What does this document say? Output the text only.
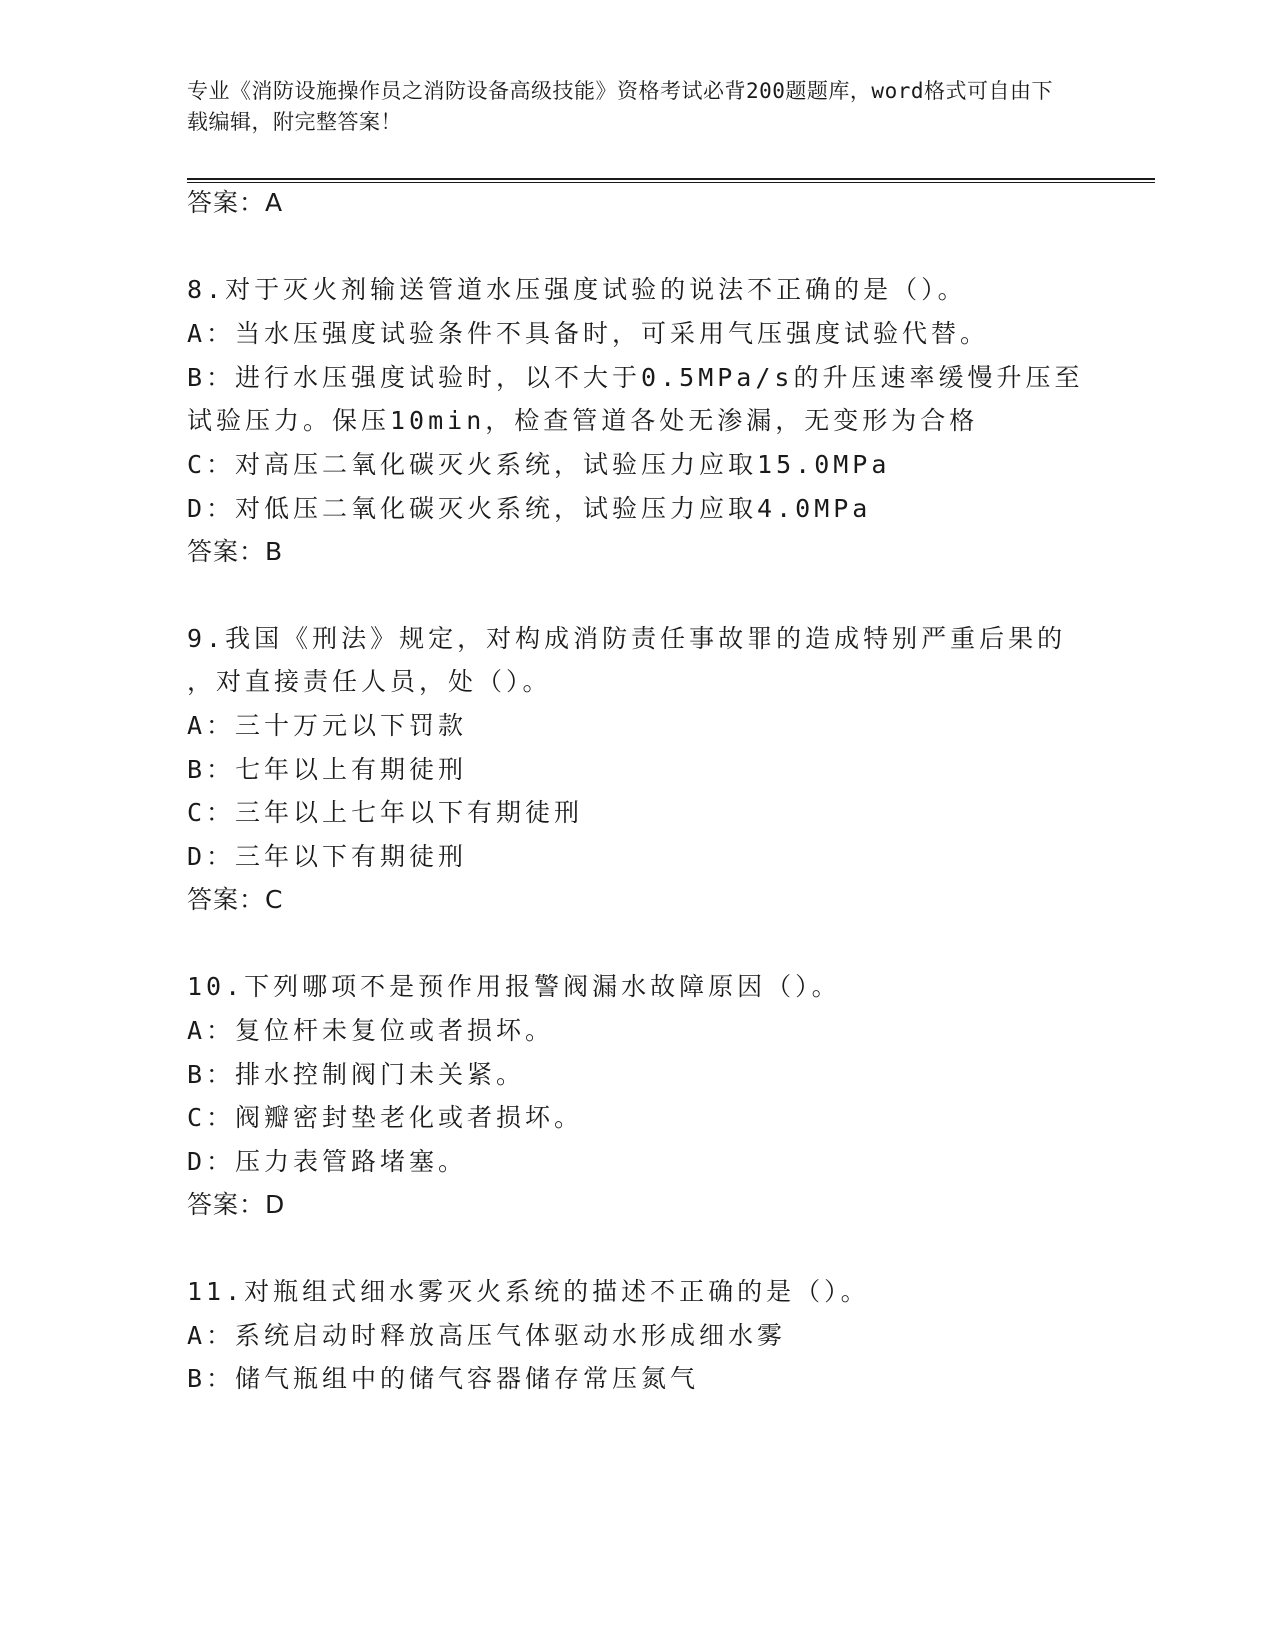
专业《消防设施操作员之消防设备高级技能》资格考试必背200题题库，word格式可自由下载编辑，附完整答案！
答案：A
8.对于灭火剂输送管道水压强度试验的说法不正确的是（）。
A：当水压强度试验条件不具备时，可采用气压强度试验代替。
B：进行水压强度试验时，以不大于0.5MPa/s的升压速率缓慢升压至
试验压力。保压10min，检查管道各处无渗漏，无变形为合格
C：对高压二氧化碳灭火系统，试验压力应取15.0MPa
D：对低压二氧化碳灭火系统，试验压力应取4.0MPa
答案：B
9.我国《刑法》规定，对构成消防责任事故罪的造成特别严重后果的
，对直接责任人员，处（）。
A：三十万元以下罚款
B：七年以上有期徒刑
C：三年以上七年以下有期徒刑
D：三年以下有期徒刑
答案：C
10.下列哪项不是预作用报警阀漏水故障原因（）。
A：复位杆未复位或者损坏。
B：排水控制阀门未关紧。
C：阀瓣密封垫老化或者损坏。
D：压力表管路堵塞。
答案：D
11.对瓶组式细水雾灭火系统的描述不正确的是（）。
A：系统启动时释放高压气体驱动水形成细水雾
B：储气瓶组中的储气容器储存常压氮气
